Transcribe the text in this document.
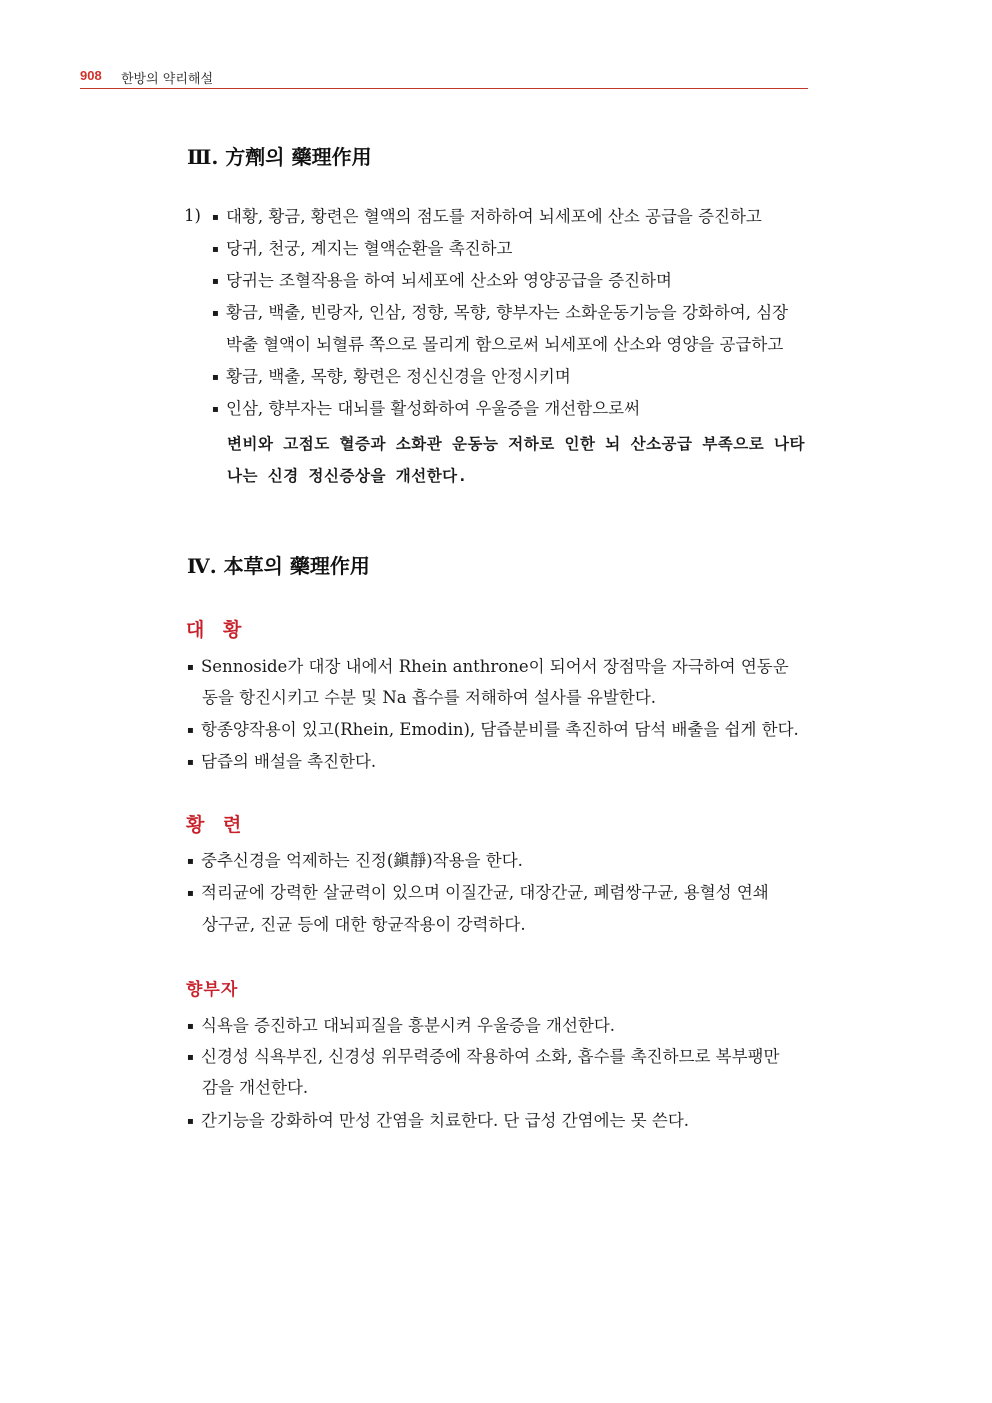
908 한방의 약리해설
Ⅲ. 方劑의 藥理作用
1) ▪ 대황, 황금, 황련은 혈액의 점도를 저하하여 뇌세포에 산소 공급을 증진하고
▪ 당귀, 천궁, 계지는 혈액순환을 촉진하고
▪ 당귀는 조혈작용을 하여 뇌세포에 산소와 영양공급을 증진하며
▪ 황금, 백출, 빈랑자, 인삼, 정향, 목향, 향부자는 소화운동기능을 강화하여, 심장
박출 혈액이 뇌혈류 쪽으로 몰리게 함으로써 뇌세포에 산소와 영양을 공급하고
▪ 황금, 백출, 목향, 황련은 정신신경을 안정시키며
▪ 인삼, 향부자는 대뇌를 활성화하여 우울증을 개선함으로써
변비와 고점도 혈증과 소화관 운동능 저하로 인한 뇌 산소공급 부족으로 나타
나는 신경 정신증상을 개선한다.
Ⅳ. 本草의 藥理作用
대 황
▪ Sennoside가 대장 내에서 Rhein anthrone이 되어서 장점막을 자극하여 연동운
동을 항진시키고 수분 및 Na 흡수를 저해하여 설사를 유발한다.
▪ 항종양작용이 있고(Rhein, Emodin), 담즙분비를 촉진하여 담석 배출을 쉽게 한다.
▪ 담즙의 배설을 촉진한다.
황 련
▪ 중추신경을 억제하는 진정(鎭靜)작용을 한다.
▪ 적리균에 강력한 살균력이 있으며 이질간균, 대장간균, 폐렴쌍구균, 용혈성 연쇄
상구균, 진균 등에 대한 항균작용이 강력하다.
향부자
▪ 식욕을 증진하고 대뇌피질을 흥분시켜 우울증을 개선한다.
▪ 신경성 식욕부진, 신경성 위무력증에 작용하여 소화, 흡수를 촉진하므로 복부팽만
감을 개선한다.
▪ 간기능을 강화하여 만성 간염을 치료한다. 단 급성 간염에는 못 쓴다.
